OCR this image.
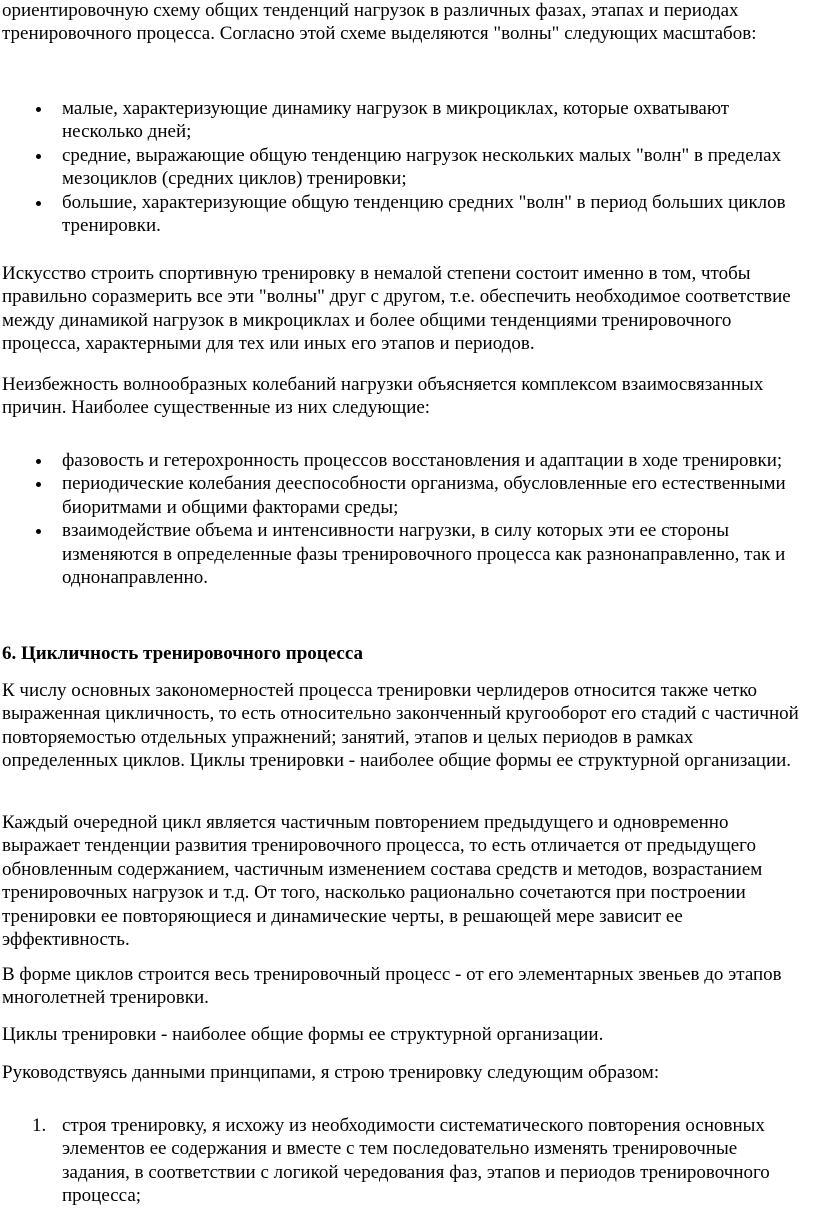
ориентировочную схему общих тенденций нагрузок в различных фазах, этапах и периодах тренировочного процесса. Согласно этой схеме выделяются "волны" следующих масштабов:

малые, характеризующие динамику нагрузок в микроциклах, которые охватывают несколько дней;
средние, выражающие общую тенденцию нагрузок нескольких малых "волн" в пределах мезоциклов (средних циклов) тренировки;
большие, характеризующие общую тенденцию средних "волн" в период больших циклов тренировки.

Искусство строить спортивную тренировку в немалой степени состоит именно в том, чтобы правильно соразмерить все эти "волны" друг с другом, т.е. обеспечить необходимое соответствие между динамикой нагрузок в микроциклах и более общими тенденциями тренировочного процесса, характерными для тех или иных его этапов и периодов.

Неизбежность волнообразных колебаний нагрузки объясняется комплексом взаимосвязанных причин. Наиболее существенные из них следующие:

фазовость и гетерохронность процессов восстановления и адаптации в ходе тренировки;
периодические колебания дееспособности организма, обусловленные его естественными биоритмами и общими факторами среды;
взаимодействие объема и интенсивности нагрузки, в силу которых эти ее стороны изменяются в определенные фазы тренировочного процесса как разнонаправленно, так и однонаправленно.
6. Цикличность тренировочного процесса

К числу основных закономерностей процесса тренировки черлидеров относится также четко выраженная цикличность, то есть относительно законченный кругооборот его стадий с частичной повторяемостью отдельных упражнений; занятий, этапов и целых периодов в рамках определенных циклов. Циклы тренировки - наиболее общие формы ее структурной организации.

Каждый очередной цикл является частичным повторением предыдущего и одновременно выражает тенденции развития тренировочного процесса, то есть отличается от предыдущего обновленным содержанием, частичным изменением состава средств и методов, возрастанием тренировочных нагрузок и т.д. От того, насколько рационально сочетаются при построении тренировки ее повторяющиеся и динамические черты, в решающей мере зависит ее эффективность.

В форме циклов строится весь тренировочный процесс - от его элементарных звеньев до этапов многолетней тренировки.

Циклы тренировки - наиболее общие формы ее структурной организации.

Руководствуясь данными принципами, я строю тренировку следующим образом:

1. строя тренировку, я исхожу из необходимости систематического повторения основных элементов ее содержания и вместе с тем последовательно изменять тренировочные задания, в соответствии с логикой чередования фаз, этапов и периодов тренировочного процесса;
